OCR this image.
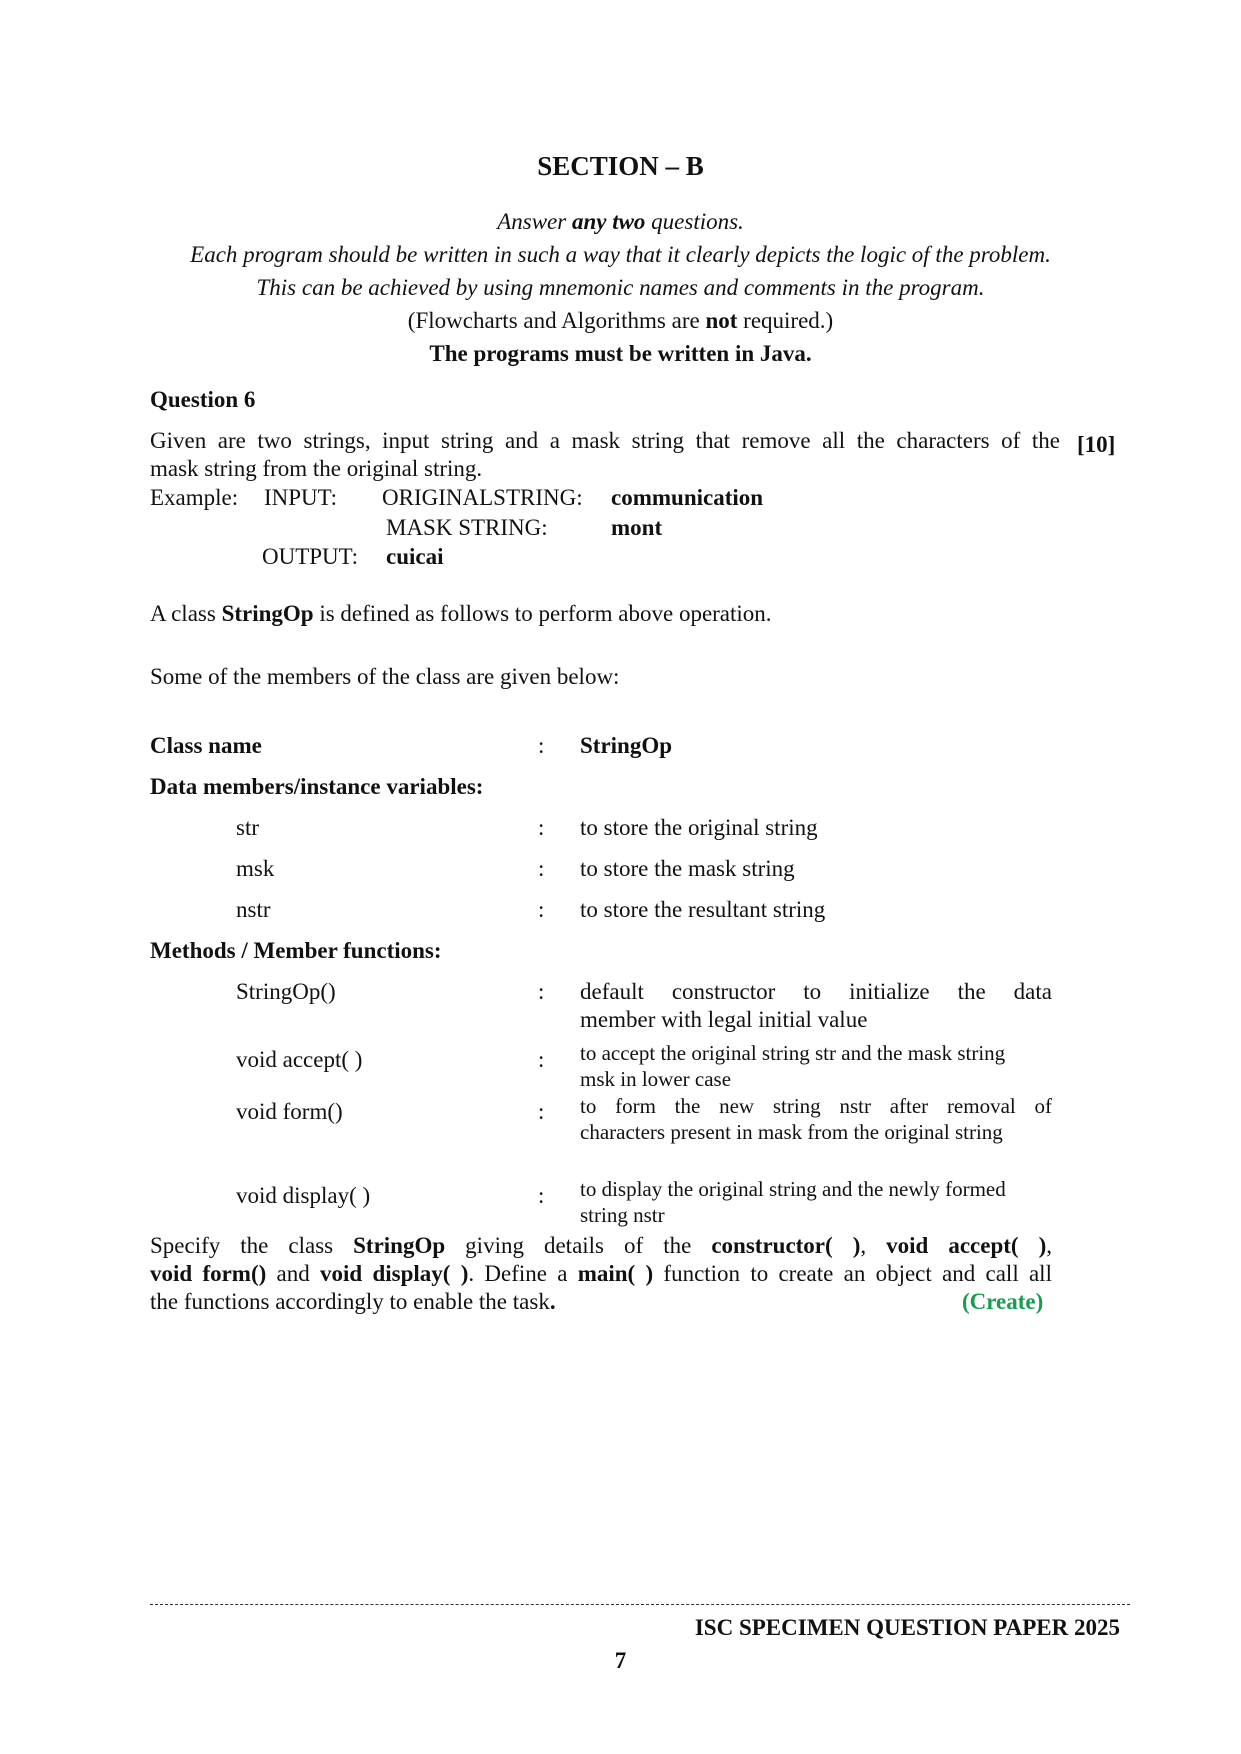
SECTION – B
Answer any two questions.
Each program should be written in such a way that it clearly depicts the logic of the problem.
This can be achieved by using mnemonic names and comments in the program.
(Flowcharts and Algorithms are not required.)
The programs must be written in Java.
Question 6
Given are two strings, input string and a mask string that remove all the characters of the
mask string from the original string.
[10]
Example: INPUT: ORIGINALSTRING: communication
MASK STRING:	mont
OUTPUT: cuicai
A class StringOp is defined as follows to perform above operation.
Some of the members of the class are given below:
Class name	: StringOp
Data members/instance variables:
str	: to store the original string
msk	: to store the mask string
nstr	: to store the resultant string
Methods / Member functions:
StringOp()	: default constructor to initialize the data
member with legal initial value
void accept( )	: to accept the original string str and the mask string
msk in lower case
void form()	: to form the new string nstr after removal of
characters present in mask from the original string
void display( )	: to display the original string and the newly formed
string nstr
Specify the class StringOp giving details of the constructor( ), void accept( ),
void form() and void display( ). Define a main( ) function to create an object and call all
the functions accordingly to enable the task.	(Create)
ISC SPECIMEN QUESTION PAPER 2025
7
